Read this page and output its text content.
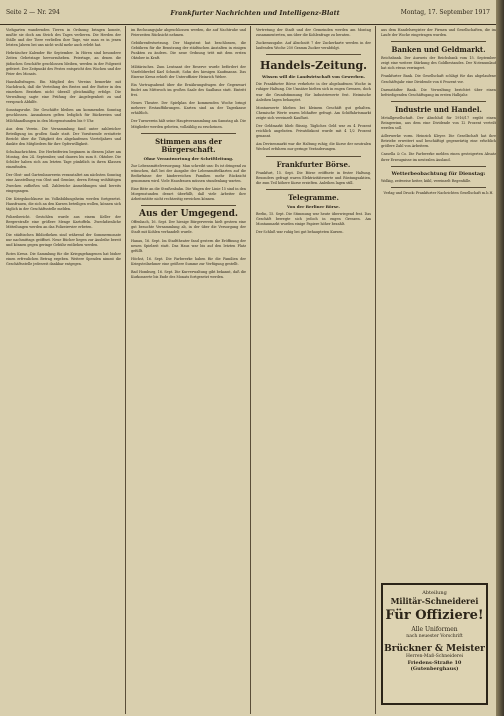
Seite 2 — Nr. 294	Frankfurter Nachrichten und Intelligenz-Blatt	Montag, 17. September 1917

Viehgarten wandernden Tieren in Ordnung bringen konnte, mußte sie doch am Strich des Tages verlieren. Die Herden der Ställe und der Tiere verließen ihre Tage, wie man es in jenen letzten Jahren bei uns nicht wohl mehr auch erlebt hat.

Hebräischer Kalender für September. In Hören sind besondere Zeiten Gebetstage hervorzuheben. Feiertage, an denen die jüdischen Geschäfte geschlossen bleiben, werden in der Folgezeit gefeiert. Der Zeitpunkt des Festes entspricht den Wochen und der Feier des Monats.

Haushaltsfragen. Ein Mitglied des Vereins bemerkte mit Nachdruck, daß die Verteilung des Brotes und der Butter in den einzelnen Bezirken nicht überall gleichmäßig erfolge. Die Verwaltung sagte eine Prüfung der Angelegenheit zu und versprach Abhilfe.

Sonntagsruhe. Die Geschäfte bleiben am kommenden Sonntag geschlossen. Ausnahmen gelten lediglich für Bäckereien und Milchhandlungen in den Morgenstunden bis 9 Uhr.

Aus dem Verein. Die Versammlung fand unter zahlreicher Beteiligung im großen Saale statt. Der Vorsitzende erstattete Bericht über die Tätigkeit des abgelaufenen Vierteljahres und dankte den Mitgliedern für ihre Opferwilligkeit.

Schulnachrichten. Die Herbstferien beginnen in diesem Jahre am Montag, den 24. September, und dauern bis zum 8. Oktober. Die Schüler haben sich am letzten Tage pünktlich in ihren Klassen einzufinden.

Der Obst- und Gartenbauverein veranstaltet am nächsten Sonntag eine Ausstellung von Obst und Gemüse, deren Ertrag wohltätigen Zwecken zufließen soll. Zahlreiche Anmeldungen sind bereits eingegangen.

Die Kriegskochkurse im Volksbildungsheim werden fortgesetzt. Hausfrauen, die sich an den Kursen beteiligen wollen, können sich täglich in der Geschäftsstelle melden.

Polizeibericht. Gestohlen wurde aus einem Keller der Bergerstraße eine größere Menge Kartoffeln. Zweckdienliche Mitteilungen werden an das Polizeirevier erbeten.

Die städtischen Bibliotheken sind während der Sommermonate nur nachmittags geöffnet. Neue Bücher liegen zur Ausleihe bereit und können gegen geringe Gebühr entliehen werden.

Rotes Kreuz. Die Sammlung für die Kriegsgefangenen hat bisher einen erfreulichen Betrag ergeben. Weitere Spenden nimmt die Geschäftsstelle jederzeit dankbar entgegen.

im Rechnungsjahr abgeschlossen werden, die auf Nachtruhe und Feierzeiten Rücksicht nehmen.

Gebührenfestsetzung. Der Magistrat hat beschlossen, die Gebühren für die Benutzung der städtischen Anstalten in einigen Punkten zu ändern. Die neue Ordnung tritt mit dem ersten Oktober in Kraft.

Militärisches. Zum Leutnant der Reserve wurde befördert der Vizefeldwebel Karl Schmitt, Sohn des hiesigen Kaufmanns. Das Eiserne Kreuz erhielt der Unteroffizier Heinrich Weber.

Ein Vortragsabend über die Ernährungsfragen der Gegenwart findet am Mittwoch im großen Saale des Saalbaus statt. Eintritt frei.

Neues Theater. Der Spielplan der kommenden Woche bringt mehrere Erstaufführungen. Karten sind an der Tageskasse erhältlich.

Der Turnverein hält seine Hauptversammlung am Samstag ab. Die Mitglieder werden gebeten, vollzählig zu erscheinen.

Stimmen aus der Bürgerschaft.
Ohne Verantwortung der Schriftleitung.

Zur Lebensmittelversorgung. Man schreibt uns: Es ist dringend zu wünschen, daß bei der Ausgabe der Lebensmittelkarten auf die Bedürfnisse der kinderreichen Familien mehr Rücksicht genommen wird. Viele Hausfrauen müssen stundenlang warten.

Eine Bitte an die Straßenbahn. Die Wagen der Linie 15 sind in den Morgenstunden derart überfüllt, daß viele Arbeiter ihre Arbeitsstätte nicht rechtzeitig erreichen können.

Aus der Umgegend.

Offenbach, 16. Sept. Der hiesige Bürgerverein hielt gestern eine gut besuchte Versammlung ab, in der über die Versorgung der Stadt mit Kohlen verhandelt wurde.

Hanau, 16. Sept. Im Stadttheater fand gestern die Eröffnung der neuen Spielzeit statt. Das Haus war bis auf den letzten Platz gefüllt.

Höchst, 16. Sept. Die Farbwerke haben für die Familien der Kriegsteilnehmer eine größere Summe zur Verfügung gestellt.

Bad Homburg, 16. Sept. Die Kurverwaltung gibt bekannt, daß die Kurkonzerte bis Ende des Monats fortgesetzt werden.

Vertretung der Stadt und der Gemeinden werden am Montag zusammentreten, um über die Kohlenfrage zu beraten.

Zuckerausgabe. Auf Abschnitt 7 der Zuckerkarte werden in der laufenden Woche 250 Gramm Zucker verabfolgt.

Handels-Zeitung.
Wissen will die Landwirtschaft von Gewerben.

Die Frankfurter Börse verkehrte in der abgelaufenen Woche in ruhiger Haltung. Die Umsätze hielten sich in engen Grenzen, doch war die Grundstimmung für Industriewerte fest. Heimische Anleihen lagen behauptet.

Montanwerte blieben bei kleinem Geschäft gut gehalten. Chemische Werte waren lebhafter gefragt. Am Schiffahrtsmarkt zeigte sich vereinzelt Kauflust.

Der Geldmarkt blieb flüssig. Tägliches Geld war zu 4 Prozent reichlich angeboten. Privatdiskont wurde mit 4 1/2 Prozent genannt.

Am Devisenmarkt war die Haltung ruhig; die Kurse der neutralen Wechsel erfuhren nur geringe Veränderungen.

Frankfurter Börse.

Frankfurt, 15. Sept. Die Börse eröffnete in fester Haltung. Besonders gefragt waren Elektrizitätswerte und Rüstungsaktien, die zum Teil höhere Kurse erzielten. Anleihen lagen still.

Telegramme.
Von der Berliner Börse.

Berlin, 15. Sept. Die Stimmung war heute überwiegend fest. Das Geschäft bewegte sich jedoch in engen Grenzen. Am Montanmarkt wurden einige Papiere höher bezahlt.

Der Schluß war ruhig bei gut behaupteten Kursen.

aus dem Handelsregister der Firmen und Gesellschaften, die im Laufe der Woche eingetragen wurden.

Banken und Geldmarkt.

Reichsbank. Der Ausweis der Reichsbank vom 15. September zeigt eine weitere Stärkung des Goldbestandes. Der Notenumlauf hat sich etwas verringert.

Frankfurter Bank. Die Gesellschaft schlägt für das abgelaufene Geschäftsjahr eine Dividende von 6 Prozent vor.

Darmstädter Bank. Die Verwaltung berichtet über einen befriedigenden Geschäftsgang im ersten Halbjahr.

Industrie und Handel.

Metallgesellschaft. Der Abschluß für 1916/17 ergibt einen Reingewinn, aus dem eine Dividende von 12 Prozent verteilt werden soll.

Adlerwerke vorm. Heinrich Kleyer. Die Gesellschaft hat ihre Betriebe erweitert und beschäftigt gegenwärtig eine erheblich größere Zahl von Arbeitern.

Cassella & Co. Die Farbwerke melden einen gesteigerten Absatz ihrer Erzeugnisse im neutralen Ausland.

Wetterbeobachtung für Dienstag:

Wolkig, zeitweise heiter, kühl, vereinzelt Regenfälle.

Verlag und Druck: Frankfurter Nachrichten Gesellschaft m.b.H.

Abteilung
Militär-Schneiderei
Für Offiziere!
Alle Uniformen
nach neuester Vorschrift
Brückner & Meister
Herren-Maß-Schneiderei
Friedens-Straße 10 (Gutenberghaus)
